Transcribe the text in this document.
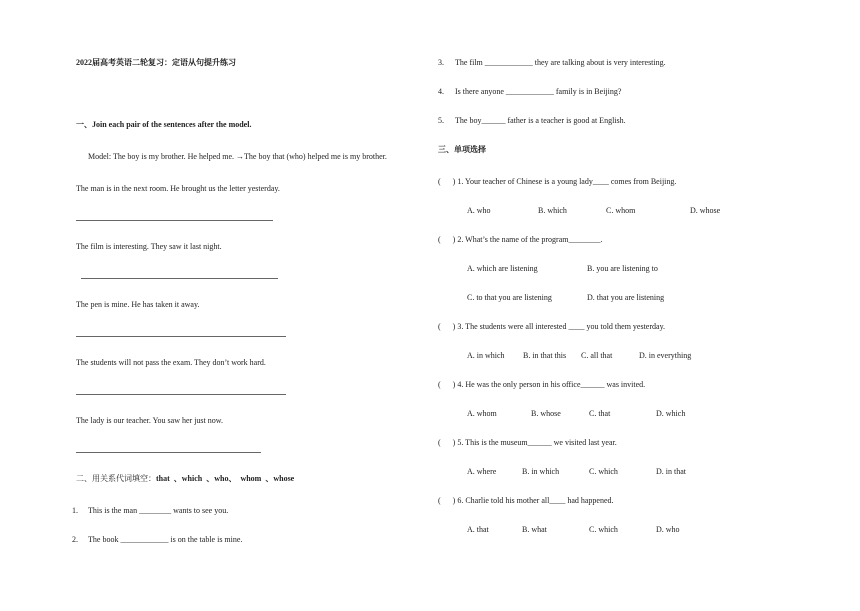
2022届高考英语二轮复习：定语从句提升练习
一、Join each pair of the sentences after the model.
Model: The boy is my brother. He helped me. →The boy that (who) helped me is my brother.
The man is in the next room. He brought us the letter yesterday.
The film is interesting. They saw it last night.
The pen is mine. He has taken it away.
The students will not pass the exam. They don’t work hard.
The lady is our teacher. You saw her just now.
二、用关系代词填空：that  、which  、who、  whom  、whose
1. This is the man ________ wants to see you.
2. The book ____________ is on the table is mine.
3. The film ____________ they are talking about is very interesting.
4. Is there anyone ____________ family is in Beijing?
5. The boy______ father is a teacher is good at English.
三、单项选择
(      ) 1. Your teacher of Chinese is a young lady____ comes from Beijing.
A. who	B. which	C. whom	D. whose
(      ) 2. What’s the name of the program________.
A. which are listening	B. you are listening to
C. to that you are listening	D. that you are listening
(      ) 3. The students were all interested ____ you told them yesterday.
A. in which B. in that this C. all that	D. in everything
(      ) 4. He was the only person in his office______ was invited.
A. whom	B. whose	C. that	D. which
(      ) 5. This is the museum______ we visited last year.
A. where	B. in which	C. which	D. in that
(      ) 6. Charlie told his mother all____ had happened.
A. that	B. what	C. which	D. who
